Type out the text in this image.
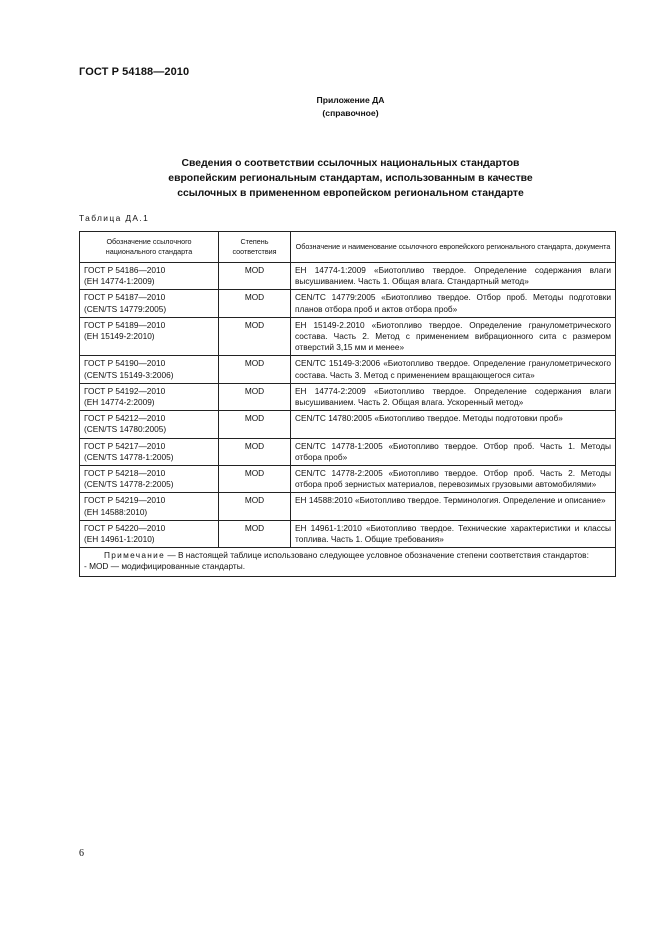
ГОСТ Р 54188—2010
Приложение ДА
(справочное)
Сведения о соответствии ссылочных национальных стандартов
европейским региональным стандартам, использованным в качестве
ссылочных в примененном европейском региональном стандарте
Таблица ДА.1
Обозначение ссылочного национального стандарта	Степень соответствия	Обозначение и наименование ссылочного европейского регионального стандарта, документа
ГОСТ Р 54186—2010
(ЕН 14774-1:2009)	MOD	ЕН 14774-1:2009 «Биотопливо твердое. Определение содержания влаги высушиванием. Часть 1. Общая влага. Стандартный метод»
ГОСТ Р 54187—2010
(CEN/TS 14779:2005)	MOD	CEN/TC 14779:2005 «Биотопливо твердое. Отбор проб. Методы подготовки планов отбора проб и актов отбора проб»
ГОСТ Р 54189—2010
(ЕН 15149-2:2010)	MOD	ЕН 15149-2.2010 «Биотопливо твердое. Определение гранулометрического состава. Часть 2. Метод с применением вибрационного сита с размером отверстий 3,15 мм и менее»
ГОСТ Р 54190—2010
(CEN/TS 15149-3:2006)	MOD	CEN/TC 15149-3:2006 «Биотопливо твердое. Определение гранулометрического состава. Часть 3. Метод с применением вращающегося сита»
ГОСТ Р 54192—2010
(ЕН 14774-2:2009)	MOD	ЕН 14774-2:2009 «Биотопливо твердое. Определение содержания влаги высушиванием. Часть 2. Общая влага. Ускоренный метод»
ГОСТ Р 54212—2010
(CEN/TS 14780:2005)	MOD	CEN/TC 14780:2005 «Биотопливо твердое. Методы подготовки проб»
ГОСТ Р 54217—2010
(CEN/TS 14778-1:2005)	MOD	CEN/TC 14778-1:2005 «Биотопливо твердое. Отбор проб. Часть 1. Методы отбора проб»
ГОСТ Р 54218—2010
(CEN/TS 14778-2:2005)	MOD	CEN/TC 14778-2:2005 «Биотопливо твердое. Отбор проб. Часть 2. Методы отбора проб зернистых материалов, перевозимых грузовыми автомобилями»
ГОСТ Р 54219—2010
(ЕН 14588:2010)	MOD	ЕН 14588:2010 «Биотопливо твердое. Терминология. Определение и описание»
ГОСТ Р 54220—2010
(ЕН 14961-1:2010)	MOD	ЕН 14961-1:2010 «Биотопливо твердое. Технические характеристики и классы топлива. Часть 1. Общие требования»

Примечание — В настоящей таблице использовано следующее условное обозначение степени соответствия стандартов:
- MOD — модифицированные стандарты.		
6
